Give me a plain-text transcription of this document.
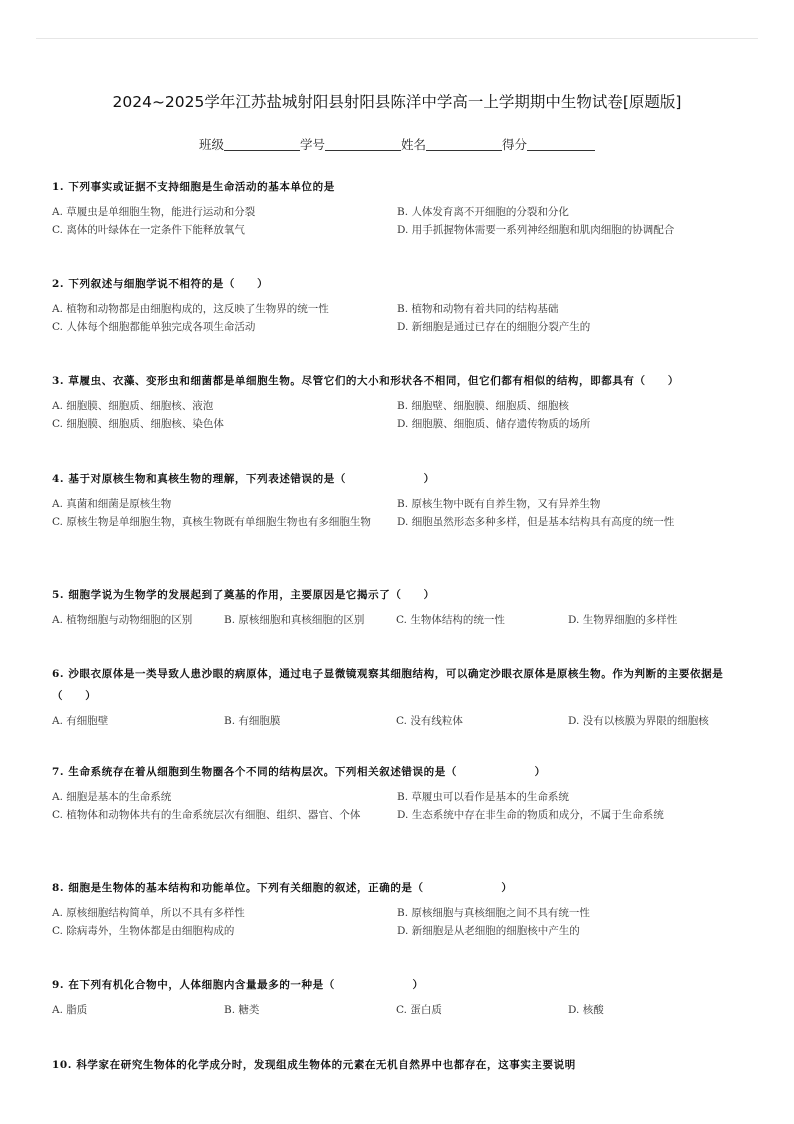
2024~2025学年江苏盐城射阳县射阳县陈洋中学高一上学期期中生物试卷[原题版]
班级	学号	姓名	得分
1. 下列事实或证据不支持细胞是生命活动的基本单位的是
A. 草履虫是单细胞生物，能进行运动和分裂	B. 人体发育离不开细胞的分裂和分化
C. 离体的叶绿体在一定条件下能释放氧气	D. 用手抓握物体需要一系列神经细胞和肌肉细胞的协调配合
2. 下列叙述与细胞学说不相符的是（　　）
A. 植物和动物都是由细胞构成的，这反映了生物界的统一性	B. 植物和动物有着共同的结构基础
C. 人体每个细胞都能单独完成各项生命活动	D. 新细胞是通过已存在的细胞分裂产生的
3. 草履虫、衣藻、变形虫和细菌都是单细胞生物。尽管它们的大小和形状各不相同，但它们都有相似的结构，即都具有（　　）
A. 细胞膜、细胞质、细胞核、液泡	B. 细胞壁、细胞膜、细胞质、细胞核
C. 细胞膜、细胞质、细胞核、染色体	D. 细胞膜、细胞质、储存遗传物质的场所
4. 基于对原核生物和真核生物的理解，下列表述错误的是（　　　　　　　）
A. 真菌和细菌是原核生物	B. 原核生物中既有自养生物，又有异养生物
C. 原核生物是单细胞生物，真核生物既有单细胞生物也有多细胞生物	D. 细胞虽然形态多种多样，但是基本结构具有高度的统一性
5. 细胞学说为生物学的发展起到了奠基的作用，主要原因是它揭示了（　　）
A. 植物细胞与动物细胞的区别	B. 原核细胞和真核细胞的区别	C. 生物体结构的统一性	D. 生物界细胞的多样性
6. 沙眼衣原体是一类导致人患沙眼的病原体，通过电子显微镜观察其细胞结构，可以确定沙眼衣原体是原核生物。作为判断的主要依据是（　　）
A. 有细胞壁	B. 有细胞膜	C. 没有线粒体	D. 没有以核膜为界限的细胞核
7. 生命系统存在着从细胞到生物圈各个不同的结构层次。下列相关叙述错误的是（　　　　　　　）
A. 细胞是基本的生命系统	B. 草履虫可以看作是基本的生命系统
C. 植物体和动物体共有的生命系统层次有细胞、组织、器官、个体	D. 生态系统中存在非生命的物质和成分，不属于生命系统
8. 细胞是生物体的基本结构和功能单位。下列有关细胞的叙述，正确的是（　　　　　　　）
A. 原核细胞结构简单，所以不具有多样性	B. 原核细胞与真核细胞之间不具有统一性
C. 除病毒外，生物体都是由细胞构成的	D. 新细胞是从老细胞的细胞核中产生的
9. 在下列有机化合物中，人体细胞内含量最多的一种是（　　　　　　　）
A. 脂质	B. 糖类	C. 蛋白质	D. 核酸
10. 科学家在研究生物体的化学成分时，发现组成生物体的元素在无机自然界中也都存在，这事实主要说明
